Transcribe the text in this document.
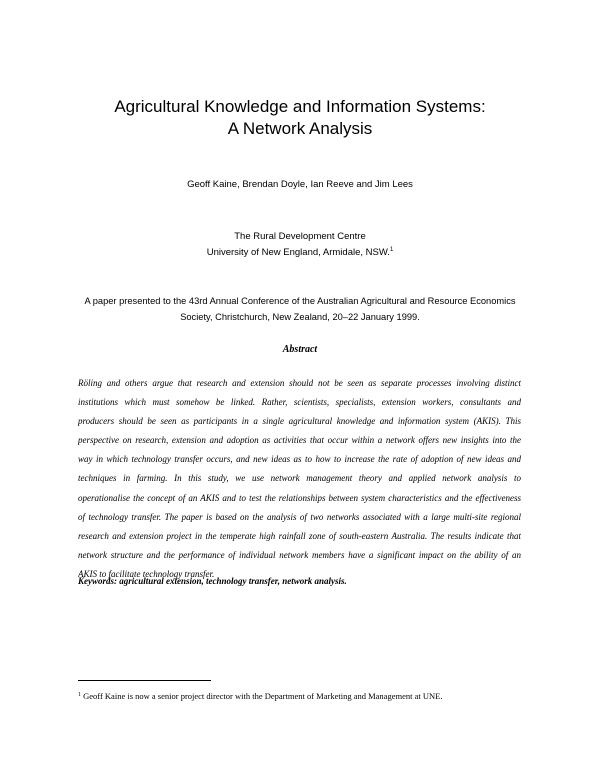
Agricultural Knowledge and Information Systems:
A Network Analysis
Geoff Kaine, Brendan Doyle, Ian Reeve and Jim Lees
The Rural Development Centre
University of New England, Armidale, NSW.$^1$
A paper presented to the 43rd Annual Conference of the Australian Agricultural and Resource Economics
Society, Christchurch, New Zealand, 20–22 January 1999.
Abstract
Röling and others argue that research and extension should not be seen as separate processes involving distinct
institutions which must somehow be linked. Rather, scientists, specialists, extension workers, consultants and
producers should be seen as participants in a single agricultural knowledge and information system (AKIS). This
perspective on research, extension and adoption as activities that occur within a network offers new insights into the
way in which technology transfer occurs, and new ideas as to how to increase the rate of adoption of new ideas and
techniques in farming. In this study, we use network management theory and applied network analysis to
operationalise the concept of an AKIS and to test the relationships between system characteristics and the effectiveness
of technology transfer. The paper is based on the analysis of two networks associated with a large multi-site regional
research and extension project in the temperate high rainfall zone of south-eastern Australia. The results indicate that
network structure and the performance of individual network members have a significant impact on the ability of an
AKIS to facilitate technology transfer.
Keywords: agricultural extension, technology transfer, network analysis.
$^1$ Geoff Kaine is now a senior project director with the Department of Marketing and Management at UNE.
